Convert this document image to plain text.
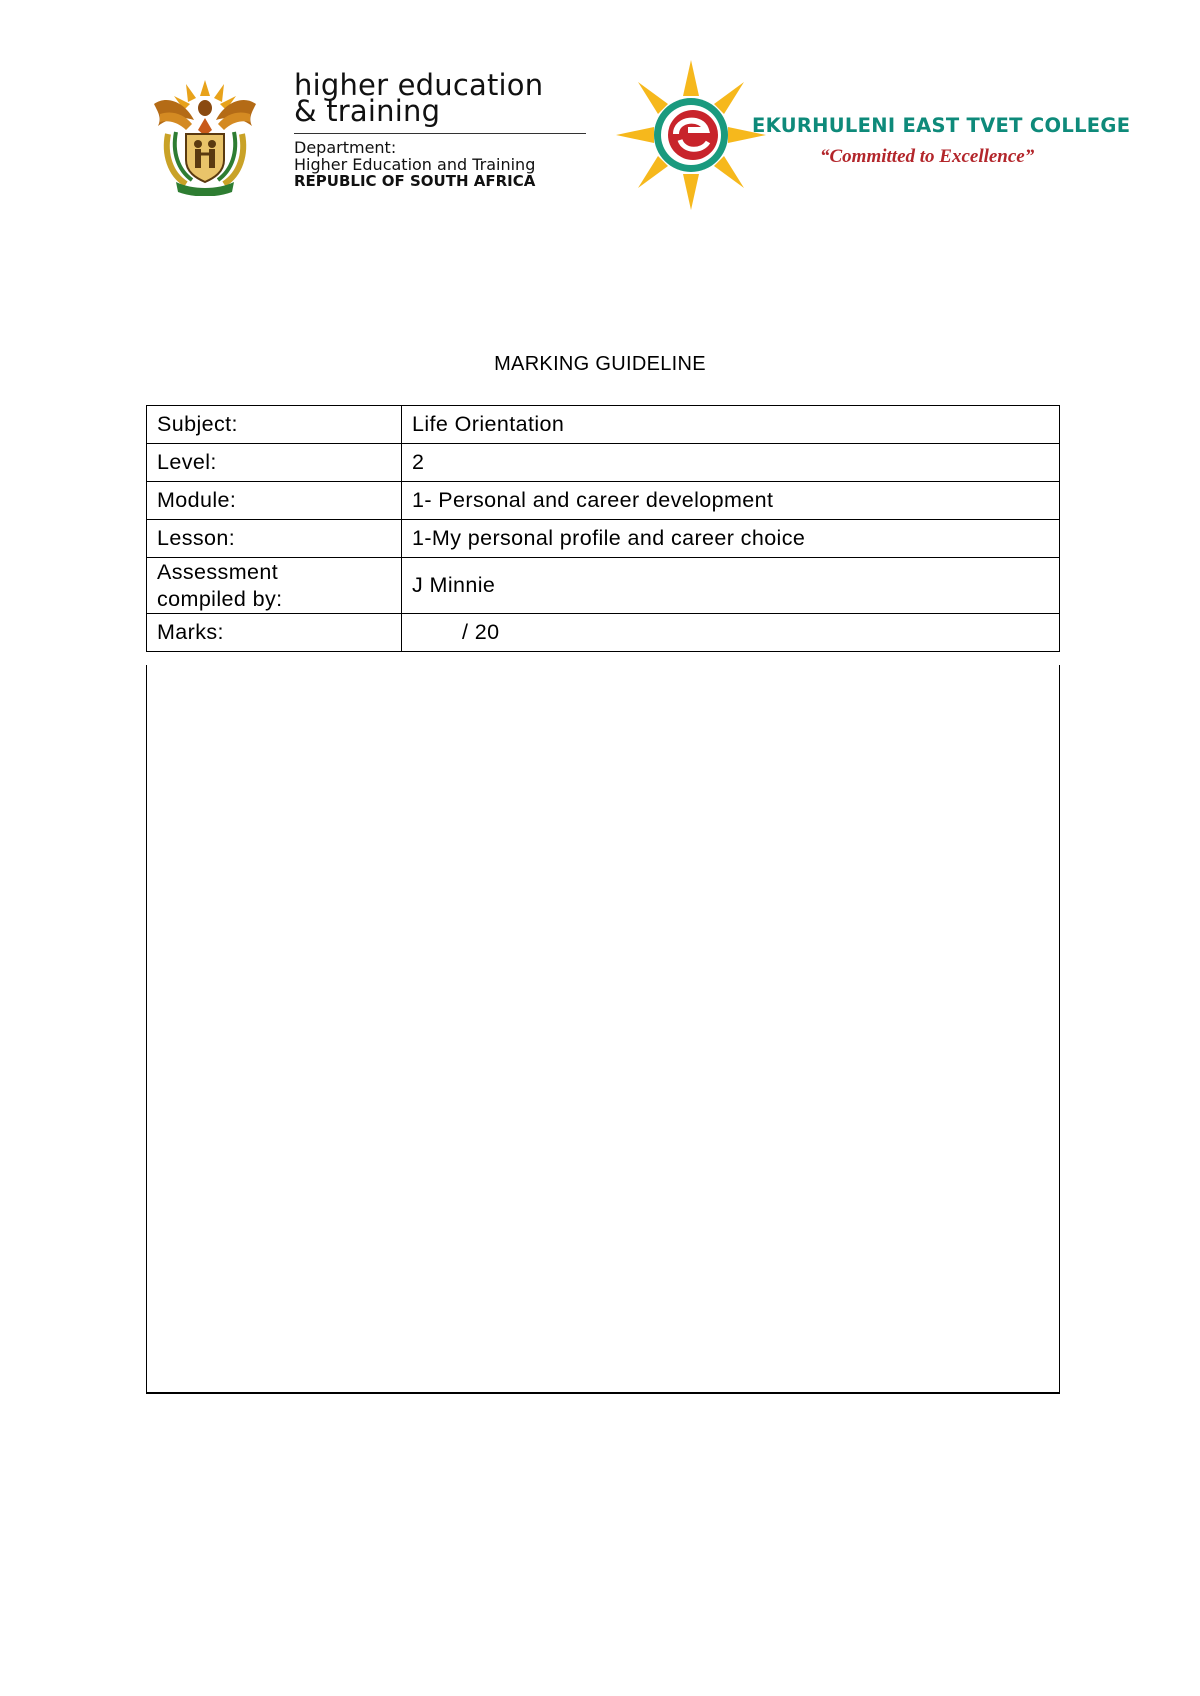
higher education
& training
Department:
Higher Education and Training
REPUBLIC OF SOUTH AFRICA
EKURHULENI EAST TVET COLLEGE
“Committed to Excellence”
MARKING GUIDELINE
Subject:	Life Orientation
Level:	2
Module:	1- Personal and career development
Lesson:	1-My personal profile and career choice

Assessment
compiled by:	J Minnie
Marks:	/ 20
